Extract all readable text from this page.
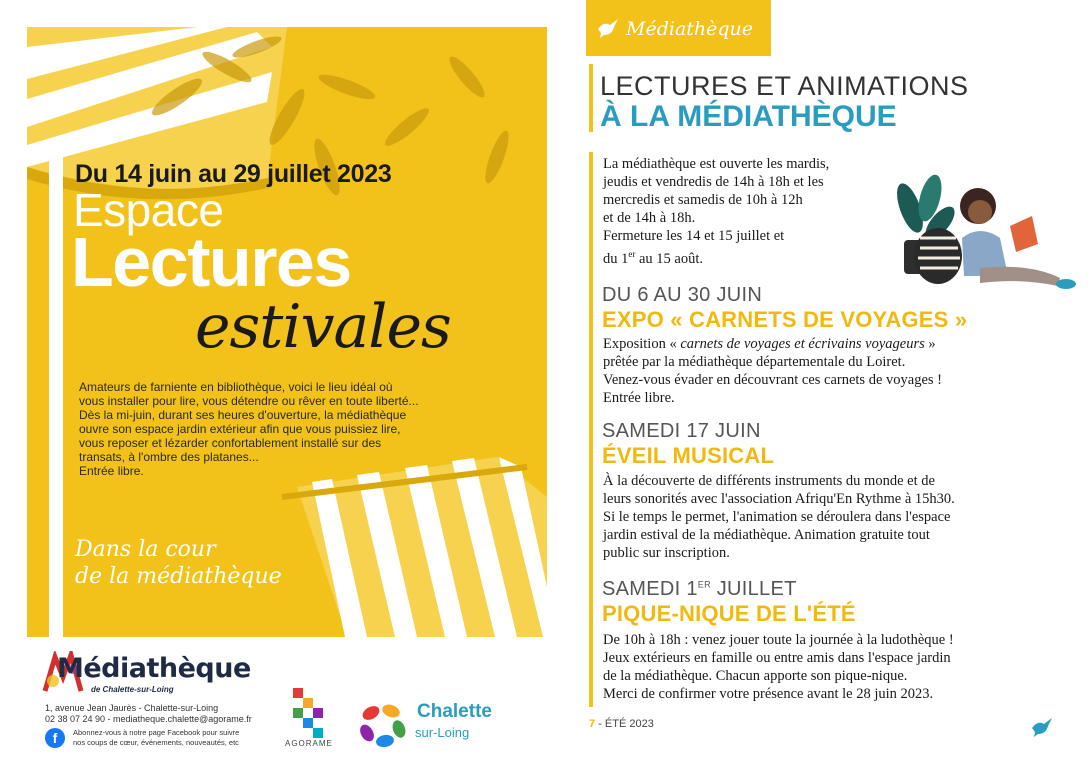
Du 14 juin au 29 juillet 2023
Espace
Lectures
estivales
Amateurs de farniente en bibliothèque, voici le lieu idéal où
vous installer pour lire, vous détendre ou rêver en toute liberté...
Dès la mi-juin, durant ses heures d'ouverture, la médiathèque
ouvre son espace jardin extérieur afin que vous puissiez lire,
vous reposer et lézarder confortablement installé sur des
transats, à l'ombre des platanes...
Entrée libre.
Dans la cour
de la médiathèque
Médiathèque
de Chalette-sur-Loing
1, avenue Jean Jaurès - Chalette-sur-Loing
02 38 07 24 90 - mediatheque.chalette@agorame.fr
f	Abonnez-vous à notre page Facebook pour suivre
nos coups de cœur, événements, nouveautés, etc	AGORAME
Chalette
sur-Loing
Médiathèque
LECTURES ET ANIMATIONS
À LA MÉDIATHÈQUE
La médiathèque est ouverte les mardis,
jeudis et vendredis de 14h à 18h et les
mercredis et samedis de 10h à 12h
et de 14h à 18h.
Fermeture les 14 et 15 juillet et
du 1er au 15 août.
DU 6 AU 30 JUIN
EXPO « CARNETS DE VOYAGES »
Exposition « carnets de voyages et écrivains voyageurs »
prêtée par la médiathèque départementale du Loiret.
Venez-vous évader en découvrant ces carnets de voyages !
Entrée libre.
SAMEDI 17 JUIN
ÉVEIL MUSICAL
À la découverte de différents instruments du monde et de
leurs sonorités avec l'association Afriqu'En Rythme à 15h30.
Si le temps le permet, l'animation se déroulera dans l'espace
jardin estival de la médiathèque. Animation gratuite tout
public sur inscription.
SAMEDI 1ER JUILLET
PIQUE-NIQUE DE L'ÉTÉ
De 10h à 18h : venez jouer toute la journée à la ludothèque !
Jeux extérieurs en famille ou entre amis dans l'espace jardin
de la médiathèque. Chacun apporte son pique-nique.
Merci de confirmer votre présence avant le 28 juin 2023.
7 - ÉTÉ 2023
